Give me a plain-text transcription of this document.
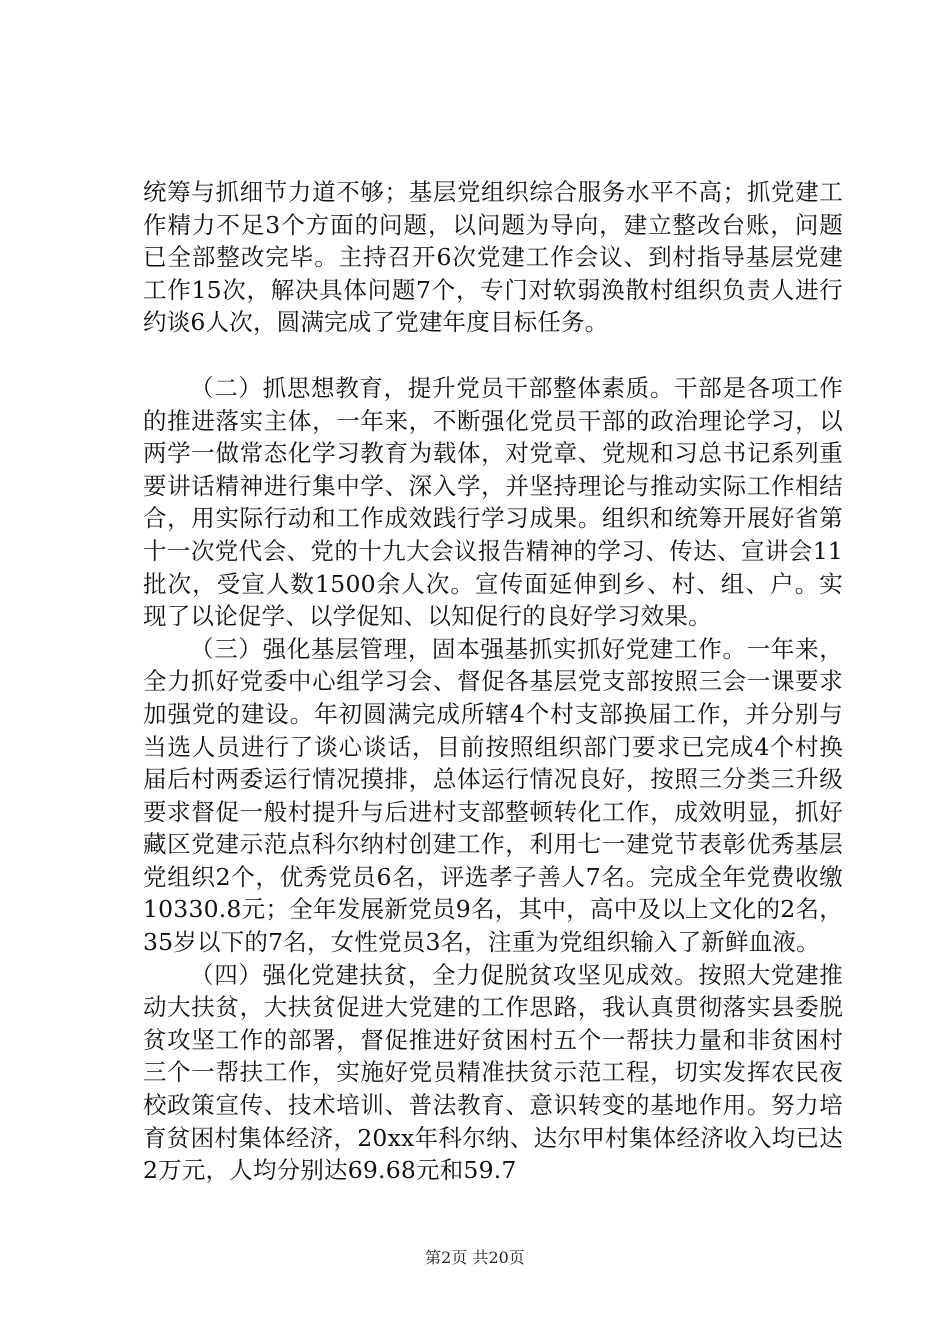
统筹与抓细节力道不够；基层党组织综合服务水平不高；抓党建工作精力不足3个方面的问题，以问题为导向，建立整改台账，问题已全部整改完毕。主持召开6次党建工作会议、到村指导基层党建工作15次，解决具体问题7个，专门对软弱涣散村组织负责人进行约谈6人次，圆满完成了党建年度目标任务。

（二）抓思想教育，提升党员干部整体素质。干部是各项工作的推进落实主体，一年来，不断强化党员干部的政治理论学习，以两学一做常态化学习教育为载体，对党章、党规和习总书记系列重要讲话精神进行集中学、深入学，并坚持理论与推动实际工作相结合，用实际行动和工作成效践行学习成果。组织和统筹开展好省第十一次党代会、党的十九大会议报告精神的学习、传达、宣讲会11批次，受宣人数1500余人次。宣传面延伸到乡、村、组、户。实现了以论促学、以学促知、以知促行的良好学习效果。

（三）强化基层管理，固本强基抓实抓好党建工作。一年来，全力抓好党委中心组学习会、督促各基层党支部按照三会一课要求加强党的建设。年初圆满完成所辖4个村支部换届工作，并分别与当选人员进行了谈心谈话，目前按照组织部门要求已完成4个村换届后村两委运行情况摸排，总体运行情况良好，按照三分类三升级要求督促一般村提升与后进村支部整顿转化工作，成效明显，抓好藏区党建示范点科尔纳村创建工作，利用七一建党节表彰优秀基层党组织2个，优秀党员6名，评选孝子善人7名。完成全年党费收缴10330.8元；全年发展新党员9名，其中，高中及以上文化的2名，35岁以下的7名，女性党员3名，注重为党组织输入了新鲜血液。

（四）强化党建扶贫，全力促脱贫攻坚见成效。按照大党建推动大扶贫，大扶贫促进大党建的工作思路，我认真贯彻落实县委脱贫攻坚工作的部署，督促推进好贫困村五个一帮扶力量和非贫困村三个一帮扶工作，实施好党员精准扶贫示范工程，切实发挥农民夜校政策宣传、技术培训、普法教育、意识转变的基地作用。努力培育贫困村集体经济，20xx年科尔纳、达尔甲村集体经济收入均已达2万元，人均分别达69.68元和59.7

第2页 共20页
